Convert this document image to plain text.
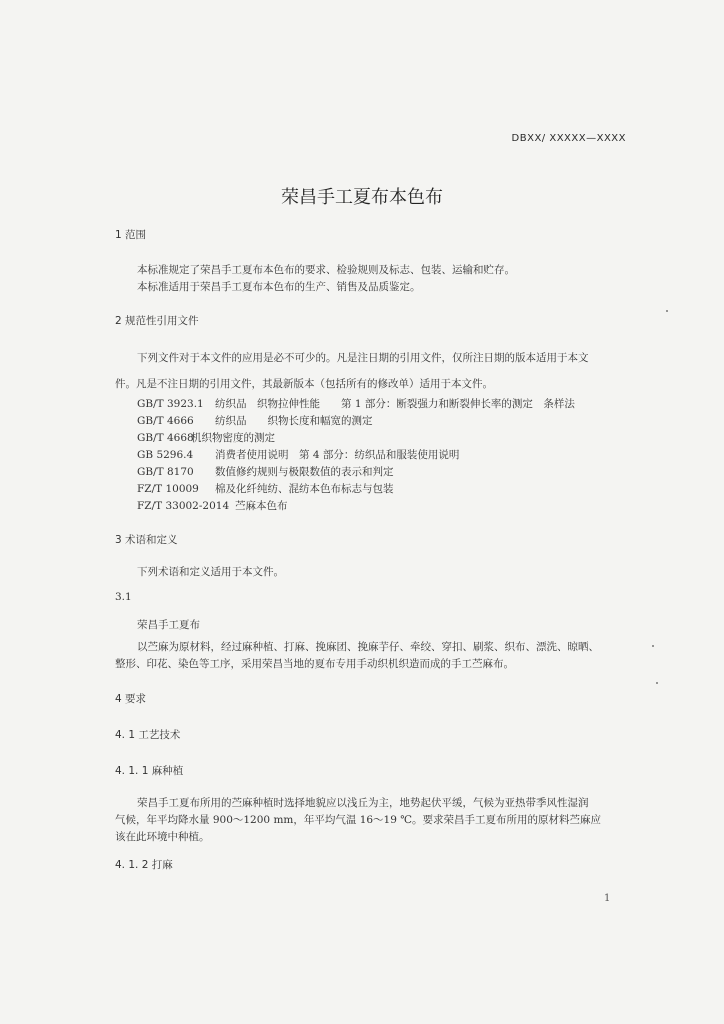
DBXX/ XXXXX—XXXX
荣昌手工夏布本色布
1 范围
本标准规定了荣昌手工夏布本色布的要求、检验规则及标志、包装、运输和贮存。
本标准适用于荣昌手工夏布本色布的生产、销售及品质鉴定。
2 规范性引用文件
下列文件对于本文件的应用是必不可少的。凡是注日期的引用文件，仅所注日期的版本适用于本文
件。凡是不注日期的引用文件，其最新版本（包括所有的修改单）适用于本文件。
GB/T 3923.1 纺织品　织物拉伸性能　　第 1 部分：断裂强力和断裂伸长率的测定　条样法
GB/T 4666 纺织品　　织物长度和幅宽的测定
GB/T 4668机织物密度的测定
GB 5296.4 消费者使用说明　第 4 部分：纺织品和服装使用说明
GB/T 8170 数值修约规则与极限数值的表示和判定
FZ/T 10009 棉及化纤纯纺、混纺本色布标志与包装
FZ/T 33002-2014 苎麻本色布
3 术语和定义
下列术语和定义适用于本文件。
3.1
荣昌手工夏布
以苎麻为原材料，经过麻种植、打麻、挽麻团、挽麻芋仔、牵绞、穿扣、刷浆、织布、漂洗、晾晒、
整形、印花、染色等工序，采用荣昌当地的夏布专用手动织机织造而成的手工苎麻布。
4 要求
4. 1 工艺技术
4. 1. 1 麻种植
荣昌手工夏布所用的苎麻种植时选择地貌应以浅丘为主，地势起伏平缓，气候为亚热带季风性湿润
气候，年平均降水量 900～1200 mm，年平均气温 16～19 ℃。要求荣昌手工夏布所用的原材料苎麻应
该在此环境中种植。
4. 1. 2 打麻
1
